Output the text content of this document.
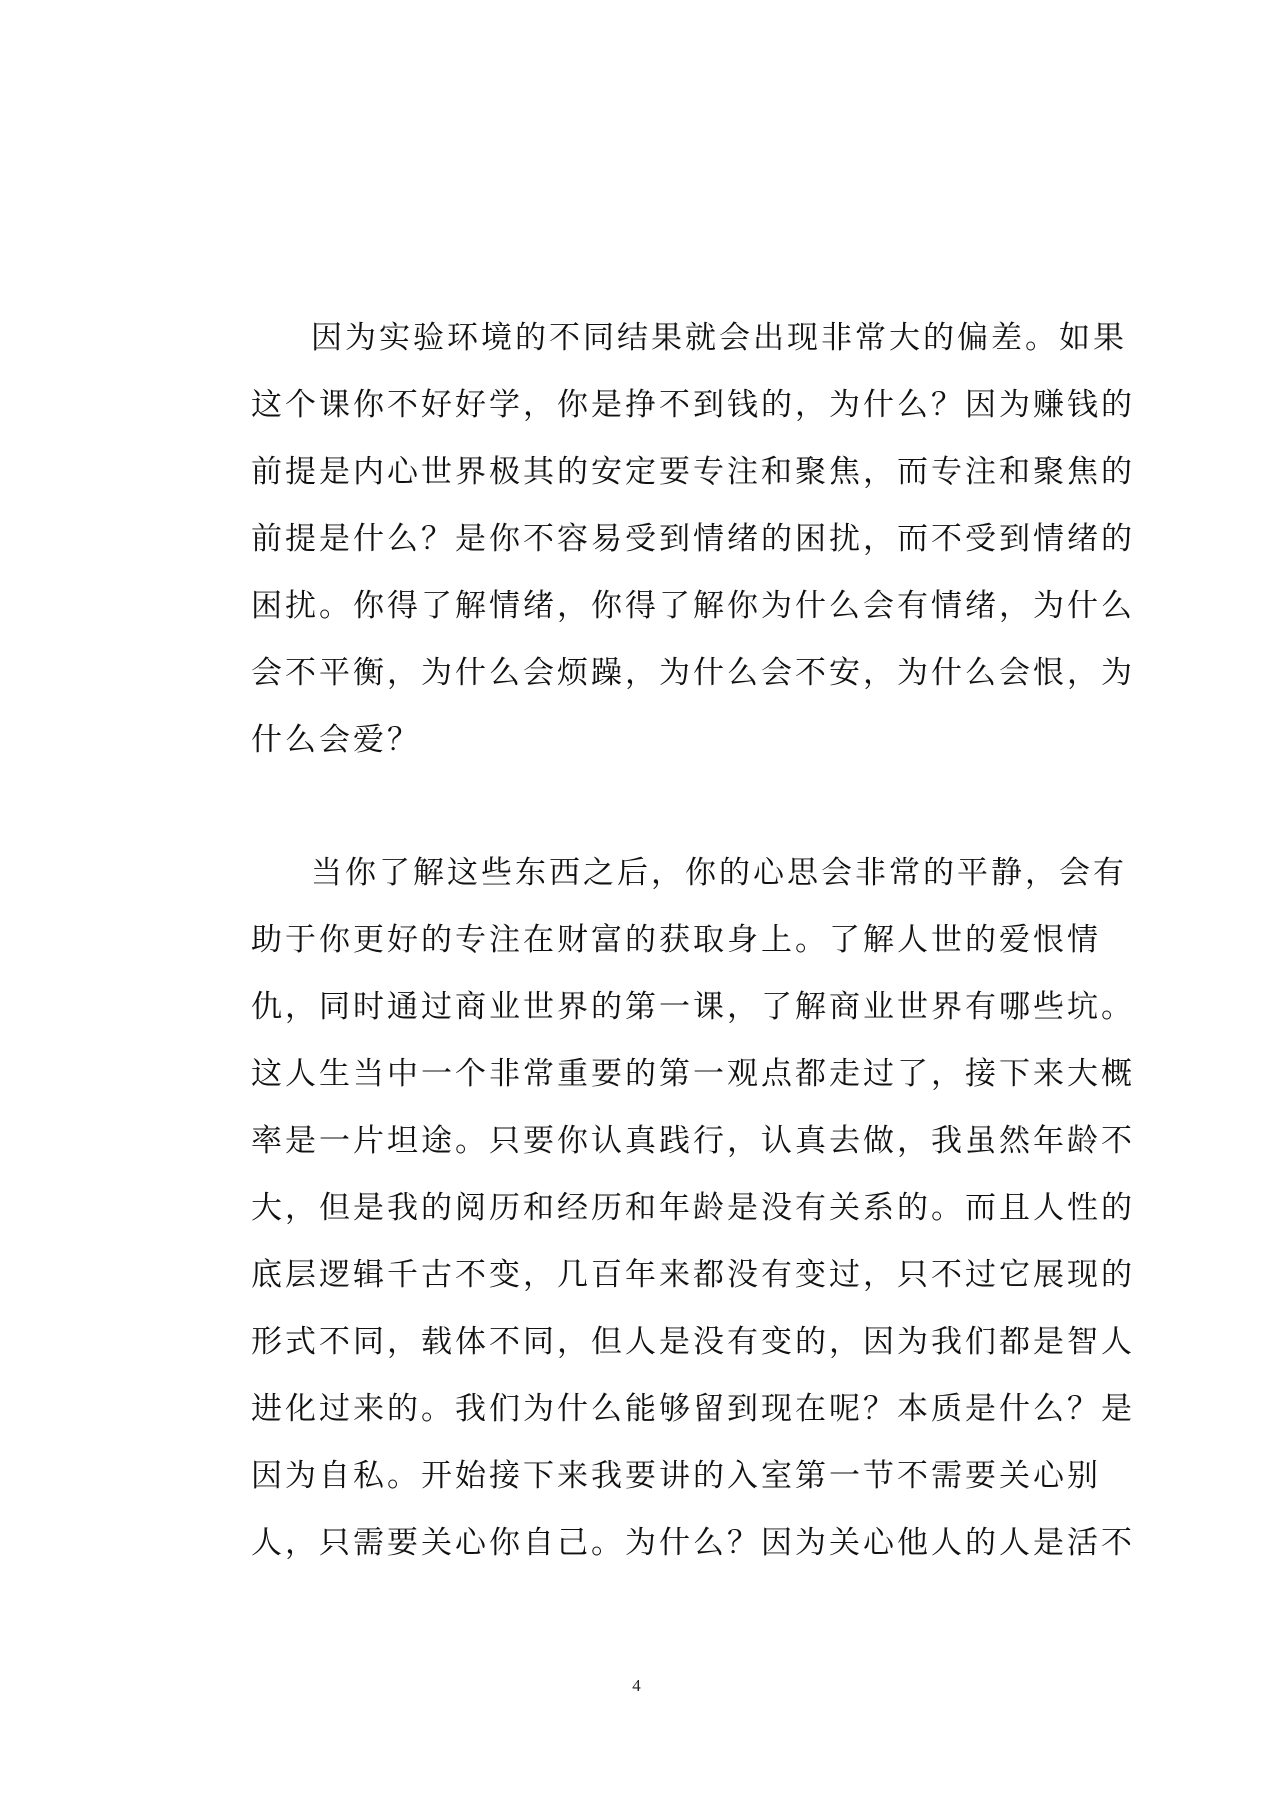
因为实验环境的不同结果就会出现非常大的偏差。如果
这个课你不好好学，你是挣不到钱的，为什么？因为赚钱的
前提是内心世界极其的安定要专注和聚焦，而专注和聚焦的
前提是什么？是你不容易受到情绪的困扰，而不受到情绪的
困扰。你得了解情绪，你得了解你为什么会有情绪，为什么
会不平衡，为什么会烦躁，为什么会不安，为什么会恨，为
什么会爱？
当你了解这些东西之后，你的心思会非常的平静，会有
助于你更好的专注在财富的获取身上。了解人世的爱恨情
仇，同时通过商业世界的第一课，了解商业世界有哪些坑。
这人生当中一个非常重要的第一观点都走过了，接下来大概
率是一片坦途。只要你认真践行，认真去做，我虽然年龄不
大，但是我的阅历和经历和年龄是没有关系的。而且人性的
底层逻辑千古不变，几百年来都没有变过，只不过它展现的
形式不同，载体不同，但人是没有变的，因为我们都是智人
进化过来的。我们为什么能够留到现在呢？本质是什么？是
因为自私。开始接下来我要讲的入室第一节不需要关心别
人，只需要关心你自己。为什么？因为关心他人的人是活不
4
